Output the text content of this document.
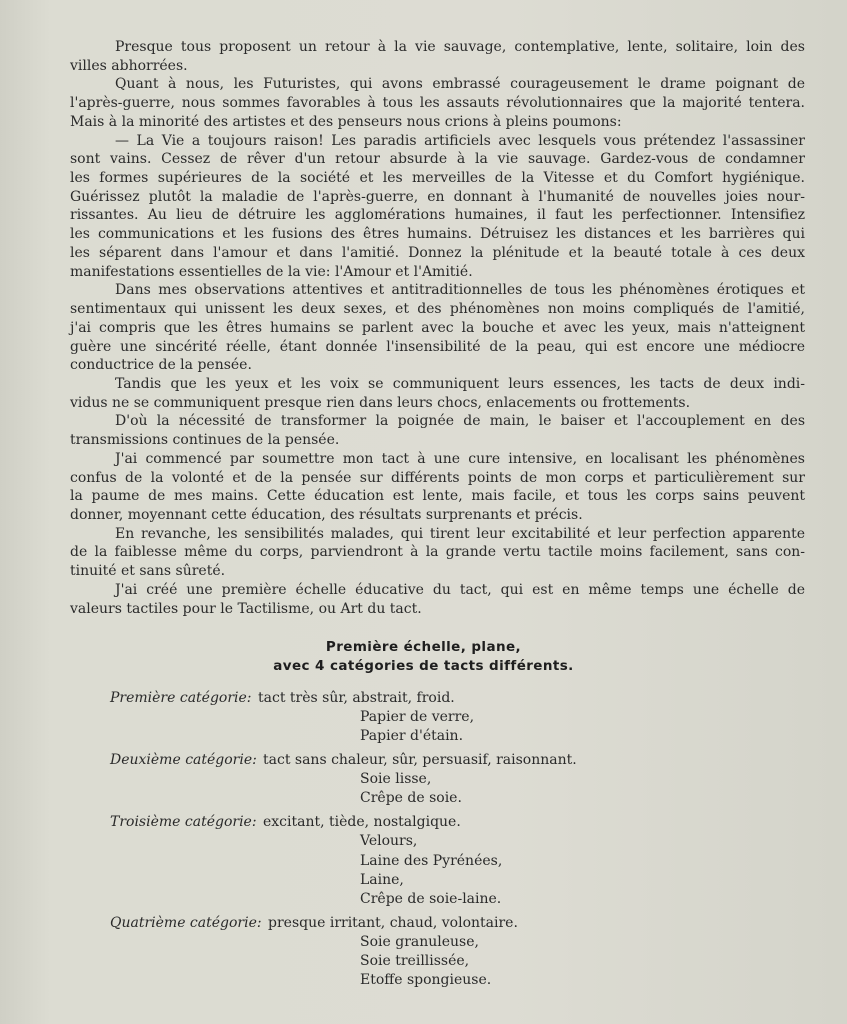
Presque tous proposent un retour à la vie sauvage, contemplative, lente, solitaire, loin des
villes abhorrées.
Quant à nous, les Futuristes, qui avons embrassé courageusement le drame poignant de
l'après-guerre, nous sommes favorables à tous les assauts révolutionnaires que la majorité tentera.
Mais à la minorité des artistes et des penseurs nous crions à pleins poumons:
— La Vie a toujours raison! Les paradis artificiels avec lesquels vous prétendez l'assassiner
sont vains. Cessez de rêver d'un retour absurde à la vie sauvage. Gardez-vous de condamner
les formes supérieures de la société et les merveilles de la Vitesse et du Comfort hygiénique.
Guérissez plutôt la maladie de l'après-guerre, en donnant à l'humanité de nouvelles joies nour-
rissantes. Au lieu de détruire les agglomérations humaines, il faut les perfectionner. Intensifiez
les communications et les fusions des êtres humains. Détruisez les distances et les barrières qui
les séparent dans l'amour et dans l'amitié. Donnez la plénitude et la beauté totale à ces deux
manifestations essentielles de la vie: l'Amour et l'Amitié.
Dans mes observations attentives et antitraditionnelles de tous les phénomènes érotiques et
sentimentaux qui unissent les deux sexes, et des phénomènes non moins compliqués de l'amitié,
j'ai compris que les êtres humains se parlent avec la bouche et avec les yeux, mais n'atteignent
guère une sincérité réelle, étant donnée l'insensibilité de la peau, qui est encore une médiocre
conductrice de la pensée.
Tandis que les yeux et les voix se communiquent leurs essences, les tacts de deux indi-
vidus ne se communiquent presque rien dans leurs chocs, enlacements ou frottements.
D'où la nécessité de transformer la poignée de main, le baiser et l'accouplement en des
transmissions continues de la pensée.
J'ai commencé par soumettre mon tact à une cure intensive, en localisant les phénomènes
confus de la volonté et de la pensée sur différents points de mon corps et particulièrement sur
la paume de mes mains. Cette éducation est lente, mais facile, et tous les corps sains peuvent
donner, moyennant cette éducation, des résultats surprenants et précis.
En revanche, les sensibilités malades, qui tirent leur excitabilité et leur perfection apparente
de la faiblesse même du corps, parviendront à la grande vertu tactile moins facilement, sans con-
tinuité et sans sûreté.
J'ai créé une première échelle éducative du tact, qui est en même temps une échelle de
valeurs tactiles pour le Tactilisme, ou Art du tact.
Première échelle, plane,
avec 4 catégories de tacts différents.
Première catégorie: tact très sûr, abstrait, froid.
Papier de verre,
Papier d'étain.
Deuxième catégorie: tact sans chaleur, sûr, persuasif, raisonnant.
Soie lisse,
Crêpe de soie.
Troisième catégorie: excitant, tiède, nostalgique.
Velours,
Laine des Pyrénées,
Laine,
Crêpe de soie-laine.
Quatrième catégorie: presque irritant, chaud, volontaire.
Soie granuleuse,
Soie treillissée,
Etoffe spongieuse.
